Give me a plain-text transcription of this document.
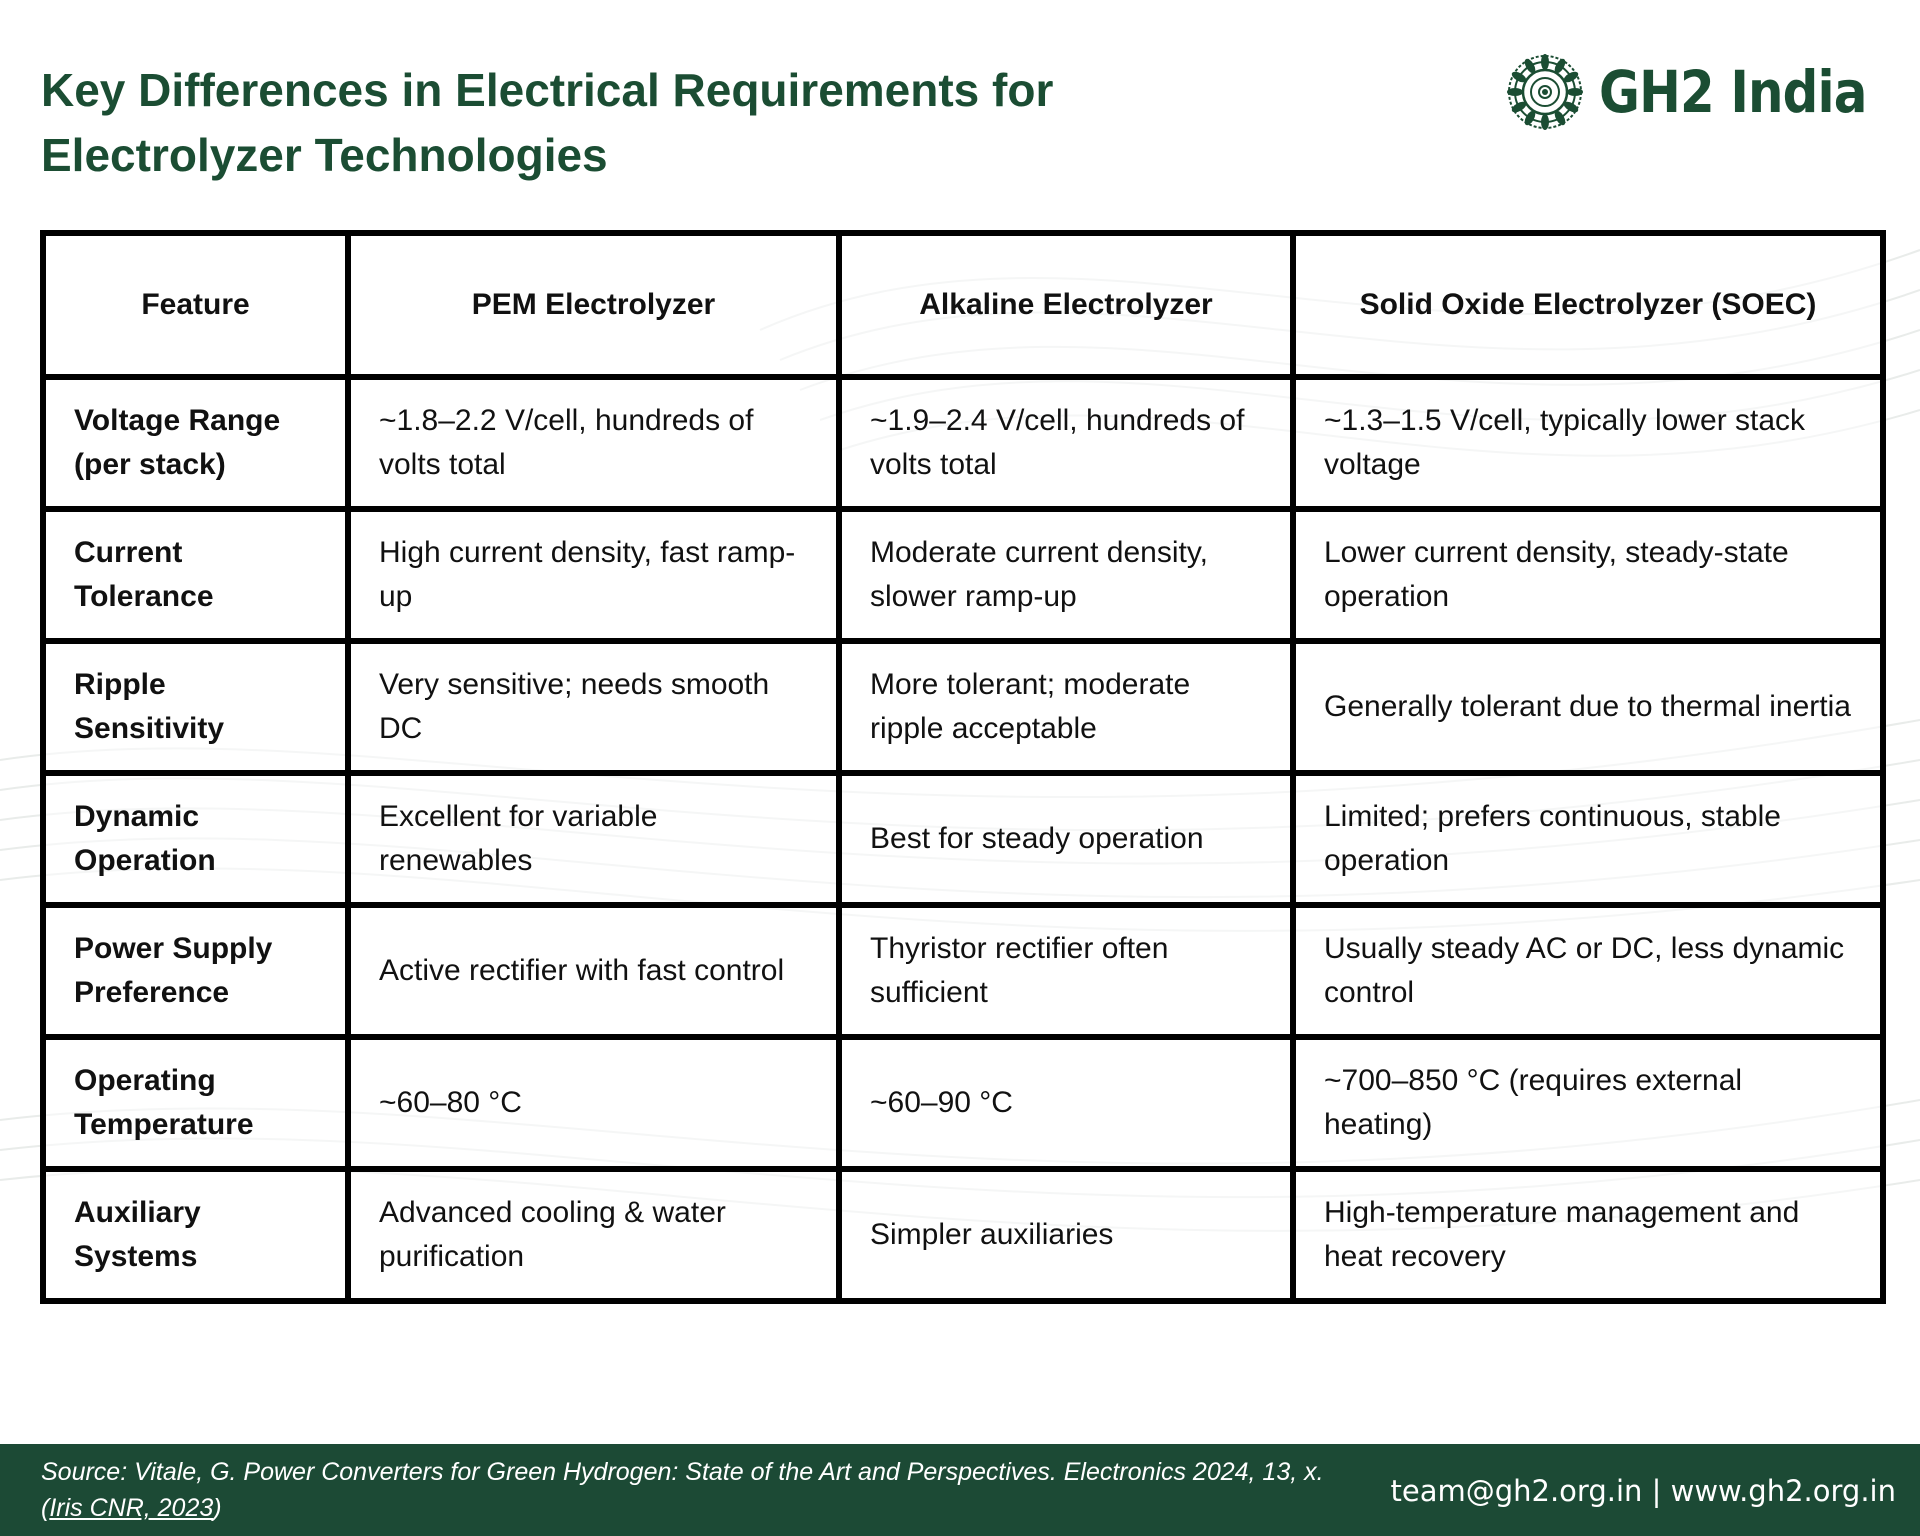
Key Differences in Electrical Requirements for Electrolyzer Technologies
GH2 India
Feature	PEM Electrolyzer	Alkaline Electrolyzer	Solid Oxide Electrolyzer (SOEC)
Voltage Range (per stack)	~1.8–2.2 V/cell, hundreds of volts total	~1.9–2.4 V/cell, hundreds of volts total	~1.3–1.5 V/cell, typically lower stack voltage
Current Tolerance	High current density, fast ramp-up	Moderate current density, slower ramp-up	Lower current density, steady-state operation
Ripple Sensitivity	Very sensitive; needs smooth DC	More tolerant; moderate ripple acceptable	Generally tolerant due to thermal inertia
Dynamic Operation	Excellent for variable renewables	Best for steady operation	Limited; prefers continuous, stable operation
Power Supply Preference	Active rectifier with fast control	Thyristor rectifier often sufficient	Usually steady AC or DC, less dynamic control
Operating Temperature	~60–80 °C	~60–90 °C	~700–850 °C (requires external heating)
Auxiliary Systems	Advanced cooling & water purification	Simpler auxiliaries	High-temperature management and heat recovery
Source: Vitale, G. Power Converters for Green Hydrogen: State of the Art and Perspectives. Electronics 2024, 13, x. (Iris CNR, 2023)	team@gh2.org.in | www.gh2.org.in
